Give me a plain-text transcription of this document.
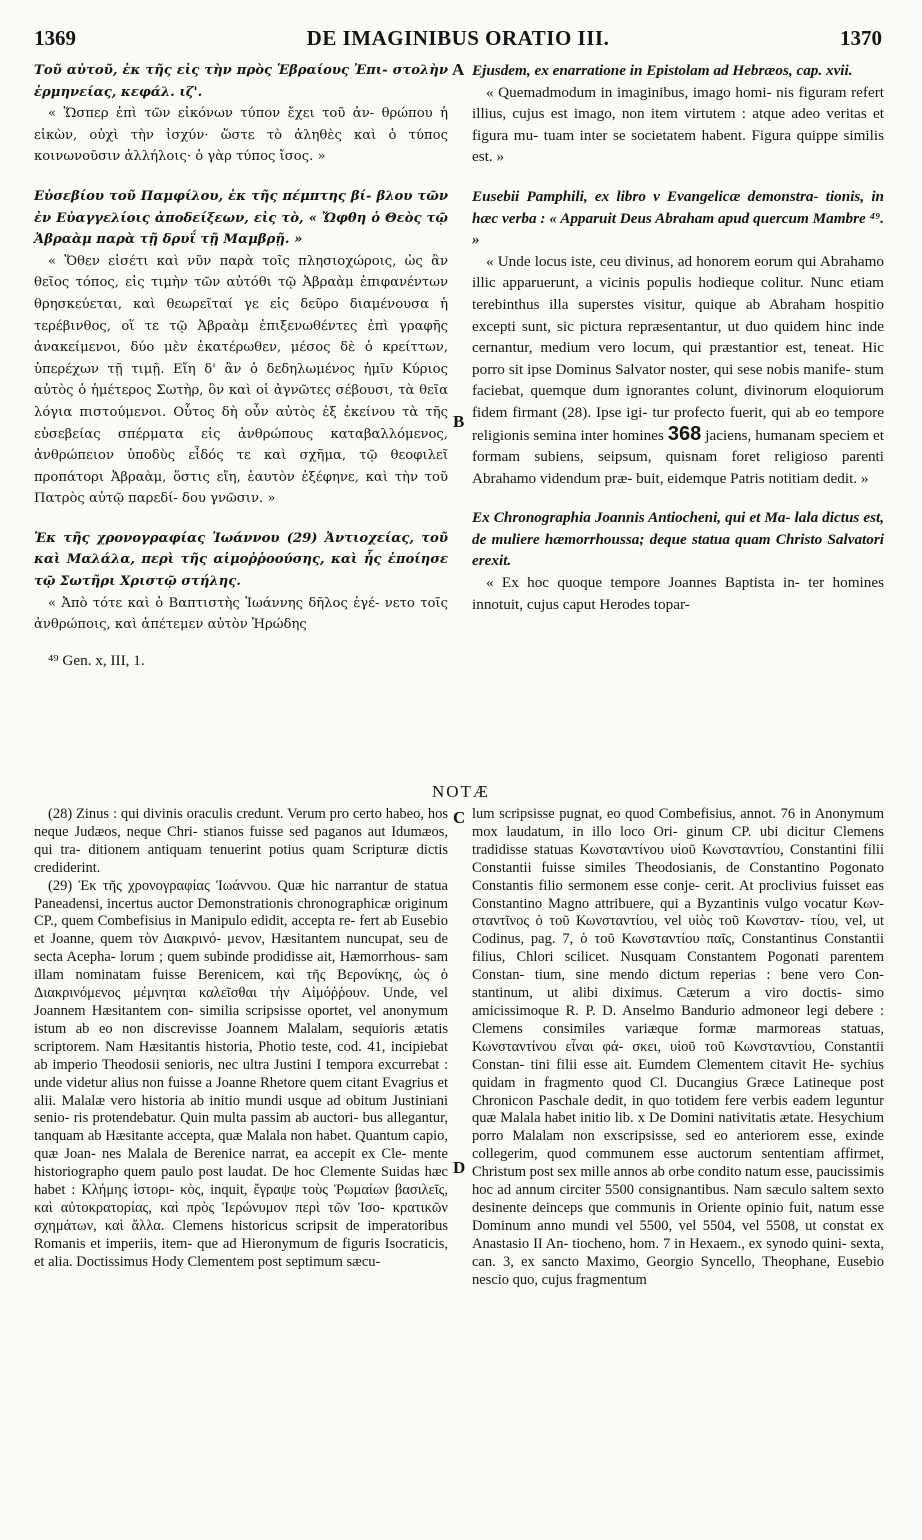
1369	DE IMAGINIBUS ORATIO III.	1370

Τοῦ αὐτοῦ, ἐκ τῆς εἰς τὴν πρὸς Ἑβραίους Ἐπι- στολὴν ἑρμηνείας, κεφάλ. ιζ'.

« Ὥσπερ ἐπὶ τῶν εἰκόνων τύπον ἔχει τοῦ ἀν- θρώπου ἡ εἰκὼν, οὐχὶ τὴν ἰσχύν· ὥστε τὸ ἀληθὲς καὶ ὁ τύπος κοινωνοῦσιν ἀλλήλοις· ὁ γὰρ τύπος ἴσος. »

Εὐσεβίου τοῦ Παμφίλου, ἐκ τῆς πέμπτης βί- βλου τῶν ἐν Εὐαγγελίοις ἀποδείξεων, εἰς τὸ, « Ὤφθη ὁ Θεὸς τῷ Ἀβραὰμ παρὰ τῇ δρυΐ τῇ Μαμβρῇ. »

« Ὅθεν εἰσέτι καὶ νῦν παρὰ τοῖς πλησιοχώροις, ὡς ἂν θεῖος τόπος, εἰς τιμὴν τῶν αὐτόθι τῷ Ἀβραὰμ ἐπιφανέντων θρησκεύεται, καὶ θεωρεῖταί γε εἰς δεῦρο διαμένουσα ἡ τερέβινθος, οἵ τε τῷ Ἀβραὰμ ἐπιξενωθέντες ἐπὶ γραφῆς ἀνακείμενοι, δύο μὲν ἑκατέρωθεν, μέσος δὲ ὁ κρείττων, ὑπερέχων τῇ τιμῇ. Εἴη δ' ἂν ὁ δεδηλωμένος ἡμῖν Κύριος αὐτὸς ὁ ἡμέτερος Σωτὴρ, ὃν καὶ οἱ ἀγνῶτες σέβουσι, τὰ θεῖα λόγια πιστούμενοι. Οὗτος δὴ οὖν αὐτὸς ἐξ ἐκείνου τὰ τῆς εὐσεβείας σπέρματα εἰς ἀνθρώπους καταβαλλόμενος, ἀνθρώπειον ὑποδὺς εἶδός τε καὶ σχῆμα, τῷ θεοφιλεῖ προπάτορι Ἀβραὰμ, ὅστις εἴη, ἑαυτὸν ἐξέφηνε, καὶ τὴν τοῦ Πατρὸς αὐτῷ παρεδί- δου γνῶσιν. »

Ἐκ τῆς χρονογραφίας Ἰωάννου (29) Ἀντιοχείας, τοῦ καὶ Μαλάλα, περὶ τῆς αἱμοῤῥοούσης, καὶ ἧς ἐποίησε τῷ Σωτῆρι Χριστῷ στήλης.

« Ἀπὸ τότε καὶ ὁ Βαπτιστὴς Ἰωάννης δῆλος ἐγέ- νετο τοῖς ἀνθρώποις, καὶ ἀπέτεμεν αὐτὸν Ἡρώδης

⁴⁹ Gen. x, III, 1.

Ejusdem, ex enarratione in Epistolam ad Hebræos, cap. xvii.

« Quemadmodum in imaginibus, imago homi- nis figuram refert illius, cujus est imago, non item virtutem : atque adeo veritas et figura mu- tuam inter se societatem habent. Figura quippe similis est. »

Eusebii Pamphili, ex libro v Evangelicæ demonstra- tionis, in hæc verba : « Apparuit Deus Abraham apud quercum Mambre ⁴⁹. »

« Unde locus iste, ceu divinus, ad honorem eorum qui Abrahamo illic apparuerunt, a vicinis populis hodieque colitur. Nunc etiam terebinthus illa superstes visitur, quique ab Abraham hospitio excepti sunt, sic pictura repræsentantur, ut duo quidem hinc inde cernantur, medium vero locum, qui præstantior est, teneat. Hic porro sit ipse Dominus Salvator noster, qui sese nobis manife- stum faciebat, quemque dum ignorantes colunt, divinorum eloquiorum fidem firmant (28). Ipse igi- tur profecto fuerit, qui ab eo tempore religionis semina inter homines 368 jaciens, humanam speciem et formam subiens, seipsum, quisnam foret religioso parenti Abrahamo videndum præ- buit, eidemque Patris notitiam dedit. »

Ex Chronographia Joannis Antiocheni, qui et Ma- lala dictus est, de muliere hæmorrhoussa; deque statua quam Christo Salvatori erexit.

« Ex hoc quoque tempore Joannes Baptista in- ter homines innotuit, cujus caput Herodes topar-

A
B
C
D
NOTÆ

(28) Zinus : qui divinis oraculis credunt. Verum pro certo habeo, hos neque Judæos, neque Chri- stianos fuisse sed paganos aut Idumæos, qui tra- ditionem antiquam tenuerint potius quam Scripturæ dictis crediderint.

(29) Ἐκ τῆς χρονογραφίας Ἰωάννου. Quæ hic narrantur de statua Paneadensi, incertus auctor Demonstrationis chronographicæ originum CP., quem Combefisius in Manipulo edidit, accepta re- fert ab Eusebio et Joanne, quem τὸν Διακρινό- μενον, Hæsitantem nuncupat, seu de secta Acepha- lorum ; quem subinde prodidisse ait, Hæmorrhous- sam illam nominatam fuisse Berenicem, καὶ τῆς Βερονίκης, ὡς ὁ Διακρινόμενος μέμνηται καλεῖσθαι τὴν Αἱμόῤῥουν. Unde, vel Joannem Hæsitantem con- similia scripsisse oportet, vel anonymum istum ab eo non discrevisse Joannem Malalam, sequioris ætatis scriptorem. Nam Hæsitantis historia, Photio teste, cod. 41, incipiebat ab imperio Theodosii senioris, nec ultra Justini I tempora excurrebat : unde videtur alius non fuisse a Joanne Rhetore quem citant Evagrius et alii. Malalæ vero historia ab initio mundi usque ad obitum Justiniani senio- ris protendebatur. Quin multa passim ab auctori- bus allegantur, tanquam ab Hæsitante accepta, quæ Malala non habet. Quantum capio, quæ Joan- nes Malala de Berenice narrat, ea accepit ex Cle- mente historiographo quem paulo post laudat. De hoc Clemente Suidas hæc habet : Κλήμης ἱστορι- κὸς, inquit, ἔγραψε τοὺς Ῥωμαίων βασιλεῖς, καὶ αὐτοκρατορίας, καὶ πρὸς Ἱερώνυμον περὶ τῶν Ἰσο- κρατικῶν σχημάτων, καὶ ἄλλα. Clemens historicus scripsit de imperatoribus Romanis et imperiis, item- que ad Hieronymum de figuris Isocraticis, et alia. Doctissimus Hody Clementem post septimum sæcu-

lum scripsisse pugnat, eo quod Combefisius, annot. 76 in Anonymum mox laudatum, in illo loco Ori- ginum CP. ubi dicitur Clemens tradidisse statuas Κωνσταντίνου υἱοῦ Κωνσταντίου, Constantini filii Constantii fuisse similes Theodosianis, de Constantino Pogonato Constantis filio sermonem esse conje- cerit. At proclivius fuisset eas Constantino Magno attribuere, qui a Byzantinis vulgo vocatur Κων- σταντῖνος ὁ τοῦ Κωνσταντίου, vel υἱὸς τοῦ Κωνσταν- τίου, vel, ut Codinus, pag. 7, ὁ τοῦ Κωνσταντίου παῖς, Constantinus Constantii filius, Chlori scilicet. Nusquam Constantem Pogonati parentem Constan- tium, sine mendo dictum reperias : bene vero Con- stantinum, ut alibi diximus. Cæterum a viro doctis- simo amicissimoque R. P. D. Anselmo Bandurio admoneor legi debere : Clemens consimiles variæque formæ marmoreas statuas, Κωνσταντίνου εἶναι φά- σκει, υἱοῦ τοῦ Κωνσταντίου, Constantii Constan- tini filii esse ait. Eumdem Clementem citavit He- sychius quidam in fragmento quod Cl. Ducangius Græce Latineque post Chronicon Paschale dedit, in quo totidem fere verbis eadem leguntur quæ Malala habet initio lib. x De Domini nativitatis ætate. Hesychium porro Malalam non exscripsisse, sed eo anteriorem esse, exinde collegerim, quod communem esse auctorum sententiam affirmet, Christum post sex mille annos ab orbe condito natum esse, paucissimis hoc ad annum circiter 5500 consignantibus. Nam sæculo saltem sexto desinente deinceps que communis in Oriente opinio fuit, natum esse Dominum anno mundi vel 5500, vel 5504, vel 5508, ut constat ex Anastasio II An- tiocheno, hom. 7 in Hexaem., ex synodo quini- sexta, can. 3, ex sancto Maximo, Georgio Syncello, Theophane, Eusebio nescio quo, cujus fragmentum
